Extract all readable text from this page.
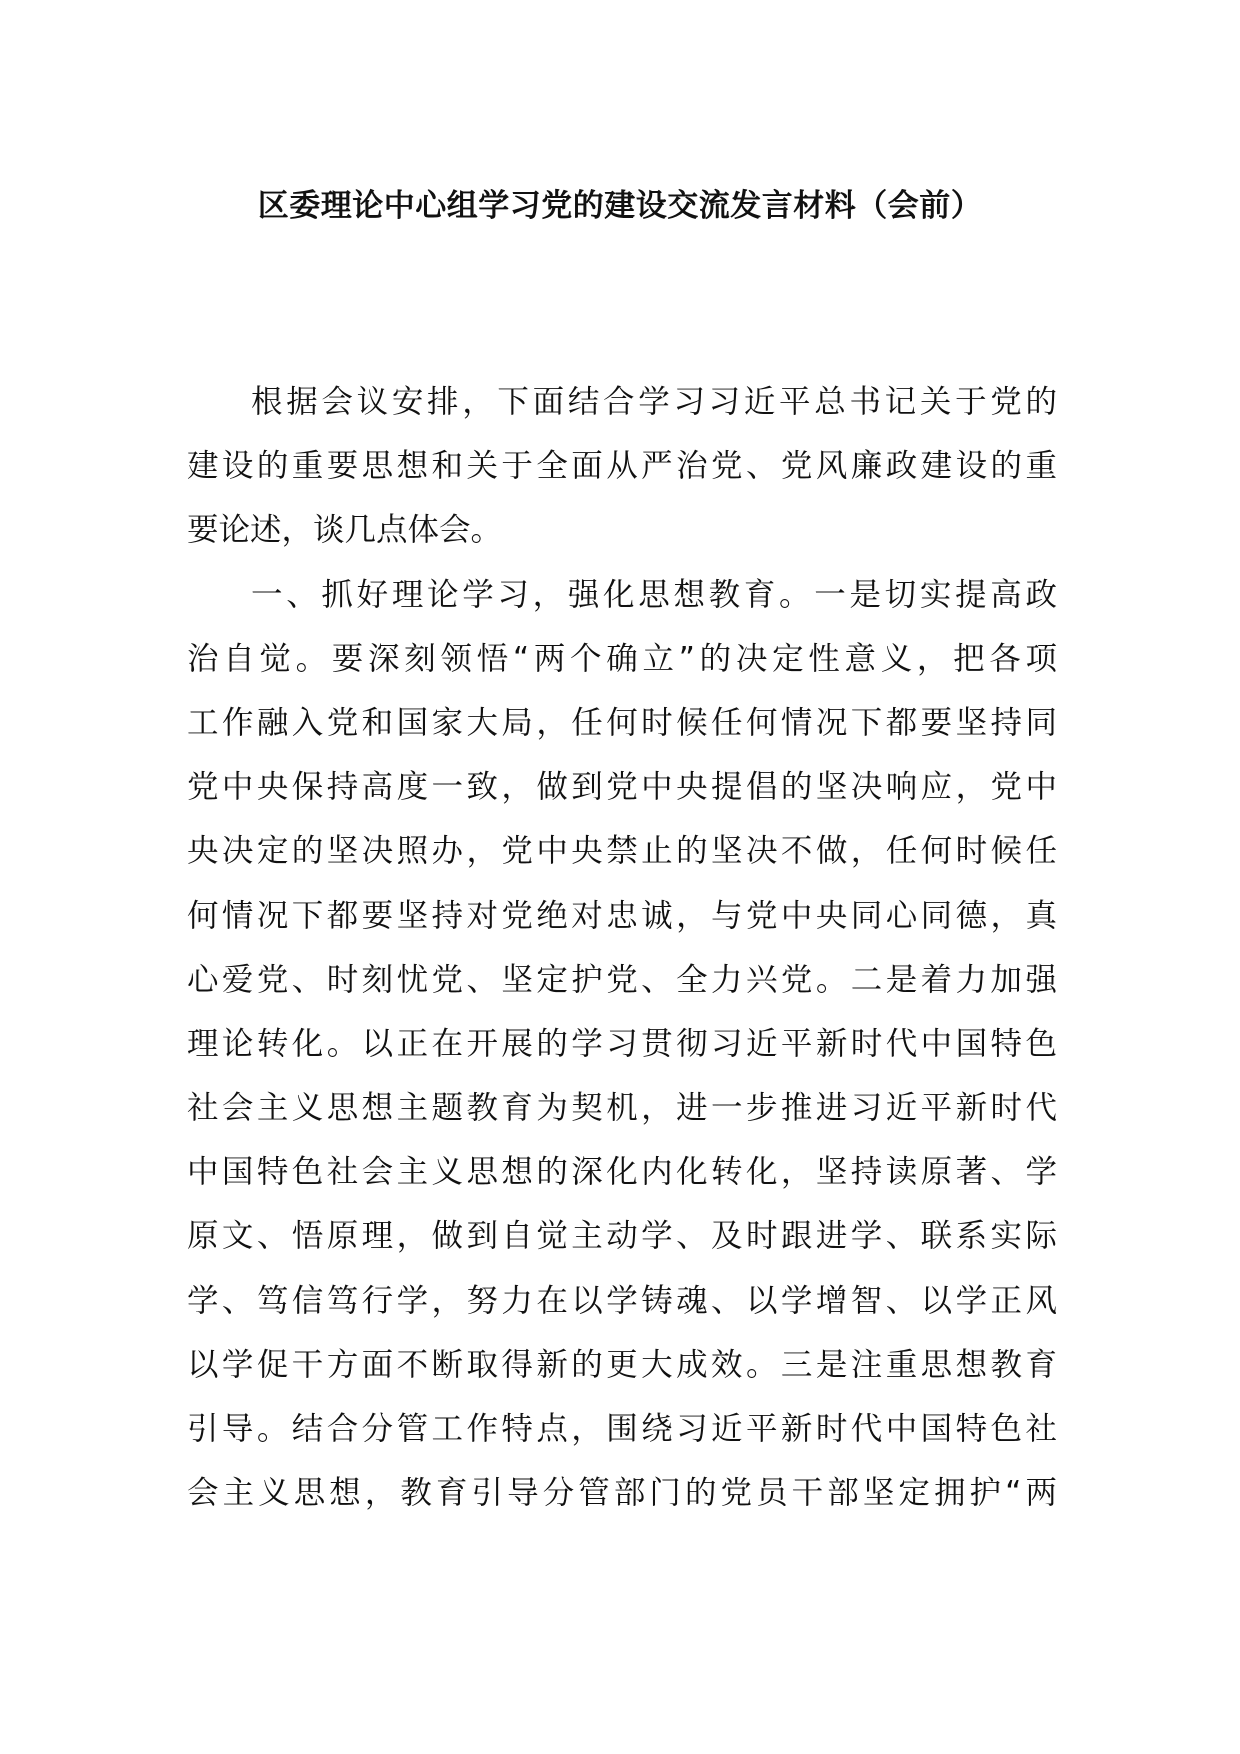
区委理论中心组学习党的建设交流发言材料（会前）
根据会议安排，下面结合学习习近平总书记关于党的
建设的重要思想和关于全面从严治党、党风廉政建设的重
要论述，谈几点体会。
一、抓好理论学习，强化思想教育。一是切实提高政
治自觉。要深刻领悟“两个确立”的决定性意义，把各项
工作融入党和国家大局，任何时候任何情况下都要坚持同
党中央保持高度一致，做到党中央提倡的坚决响应，党中
央决定的坚决照办，党中央禁止的坚决不做，任何时候任
何情况下都要坚持对党绝对忠诚，与党中央同心同德，真
心爱党、时刻忧党、坚定护党、全力兴党。二是着力加强
理论转化。以正在开展的学习贯彻习近平新时代中国特色
社会主义思想主题教育为契机，进一步推进习近平新时代
中国特色社会主义思想的深化内化转化，坚持读原著、学
原文、悟原理，做到自觉主动学、及时跟进学、联系实际
学、笃信笃行学，努力在以学铸魂、以学增智、以学正风
以学促干方面不断取得新的更大成效。三是注重思想教育
引导。结合分管工作特点，围绕习近平新时代中国特色社
会主义思想，教育引导分管部门的党员干部坚定拥护“两
